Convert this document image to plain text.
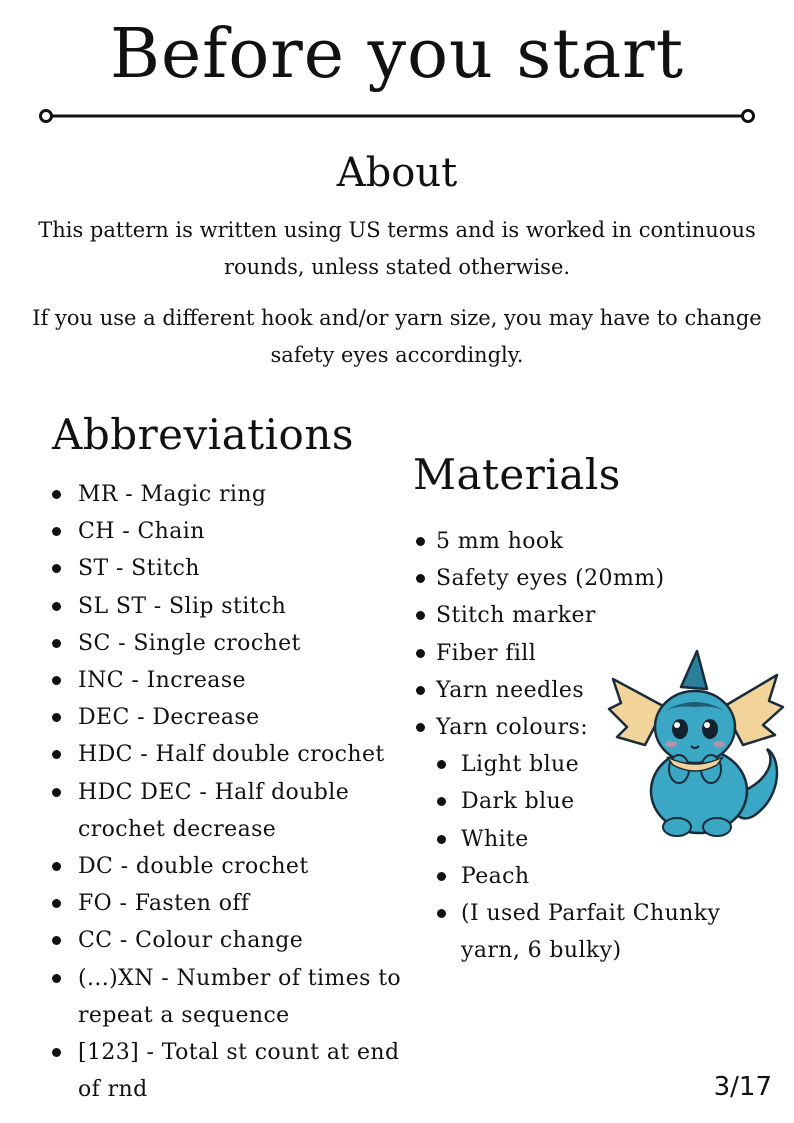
Before you start
About

This pattern is written using US terms and is worked in continuous rounds, unless stated otherwise.

If you use a different hook and/or yarn size, you may have to change safety eyes accordingly.

Abbreviations
MR - Magic ring
CH - Chain
ST - Stitch
SL ST - Slip stitch
SC - Single crochet
INC - Increase
DEC - Decrease
HDC - Half double crochet
HDC DEC - Half double crochet decrease
DC - double crochet
FO - Fasten off
CC - Colour change
(...)XN - Number of times to repeat a sequence
[123] - Total st count at end of rnd
Materials
5 mm hook
Safety eyes (20mm)
Stitch marker
Fiber fill
Yarn needles
Yarn colours:
Light blue
Dark blue
White
Peach
(I used Parfait Chunky yarn, 6 bulky)

3/17
